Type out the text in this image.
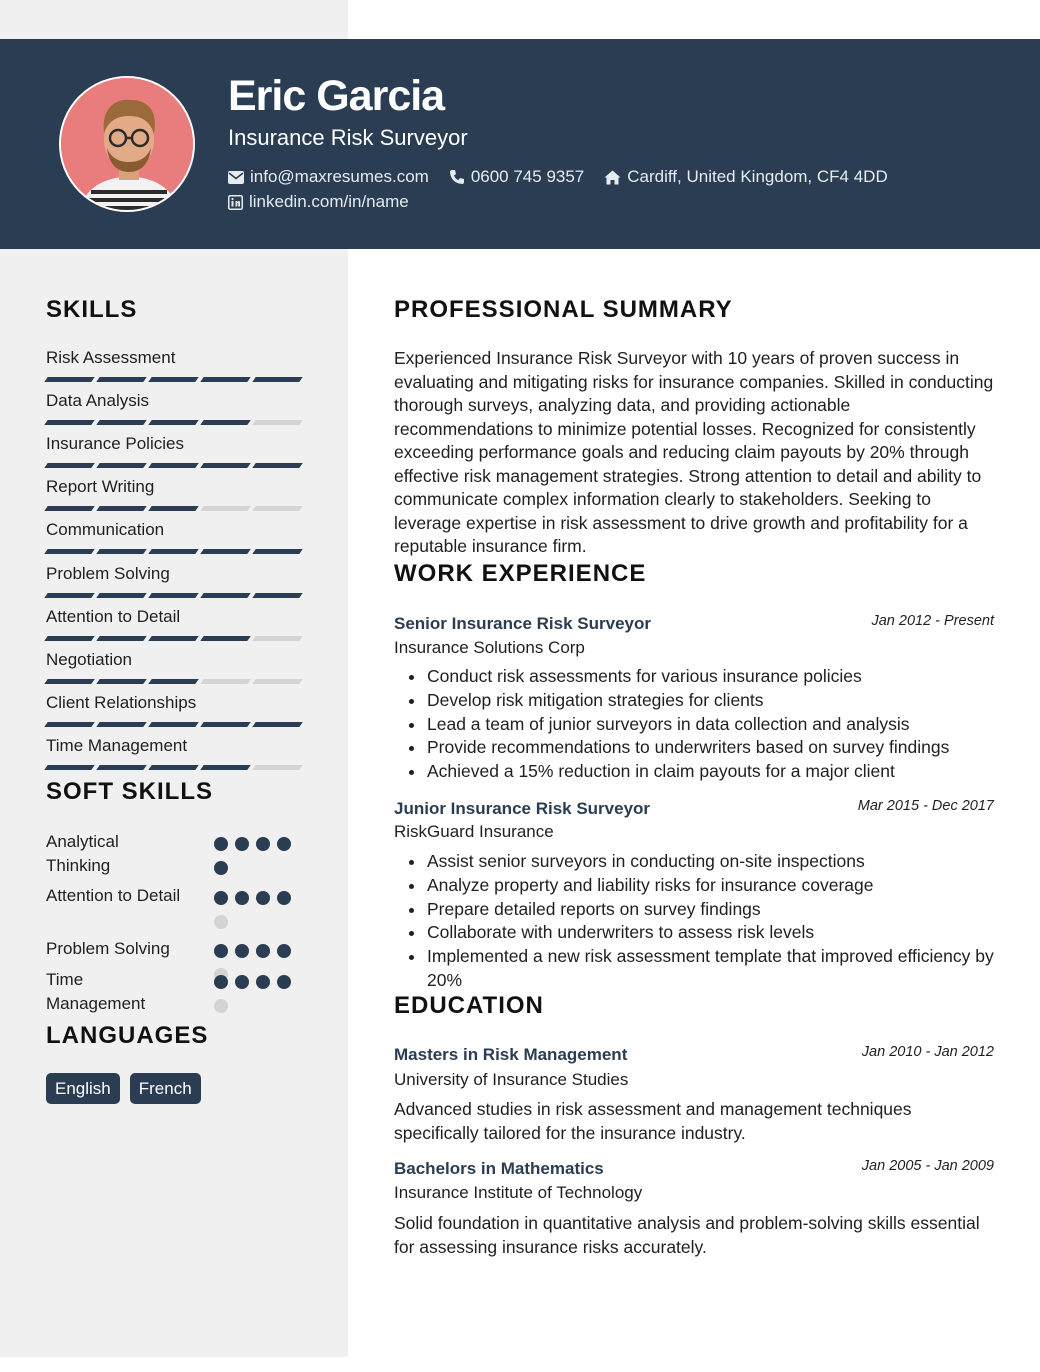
Eric Garcia
Insurance Risk Surveyor
info@maxresumes.com 0600 745 9357	Cardiff, United Kingdom, CF4 4DD
linkedin.com/in/name
SKILLS
Risk Assessment
Data Analysis
Insurance Policies
Report Writing
Communication
Problem Solving
Attention to Detail
Negotiation
Client Relationships
Time Management
SOFT SKILLS
Analytical Thinking
Attention to Detail
Problem Solving
Time Management
LANGUAGES
English	French
PROFESSIONAL SUMMARY
Experienced Insurance Risk Surveyor with 10 years of proven success in evaluating and mitigating risks for insurance companies. Skilled in conducting thorough surveys, analyzing data, and providing actionable recommendations to minimize potential losses. Recognized for consistently exceeding performance goals and reducing claim payouts by 20% through effective risk management strategies. Strong attention to detail and ability to communicate complex information clearly to stakeholders. Seeking to leverage expertise in risk assessment to drive growth and profitability for a reputable insurance firm.
WORK EXPERIENCE
Senior Insurance Risk Surveyor	Jan 2012 - Present
Insurance Solutions Corp
Conduct risk assessments for various insurance policies
Develop risk mitigation strategies for clients
Lead a team of junior surveyors in data collection and analysis
Provide recommendations to underwriters based on survey findings
Achieved a 15% reduction in claim payouts for a major client
Junior Insurance Risk Surveyor	Mar 2015 - Dec 2017
RiskGuard Insurance
Assist senior surveyors in conducting on-site inspections
Analyze property and liability risks for insurance coverage
Prepare detailed reports on survey findings
Collaborate with underwriters to assess risk levels
Implemented a new risk assessment template that improved efficiency by 20%
EDUCATION
Masters in Risk Management	Jan 2010 - Jan 2012
University of Insurance Studies
Advanced studies in risk assessment and management techniques specifically tailored for the insurance industry.
Bachelors in Mathematics	Jan 2005 - Jan 2009
Insurance Institute of Technology
Solid foundation in quantitative analysis and problem-solving skills essential for assessing insurance risks accurately.
